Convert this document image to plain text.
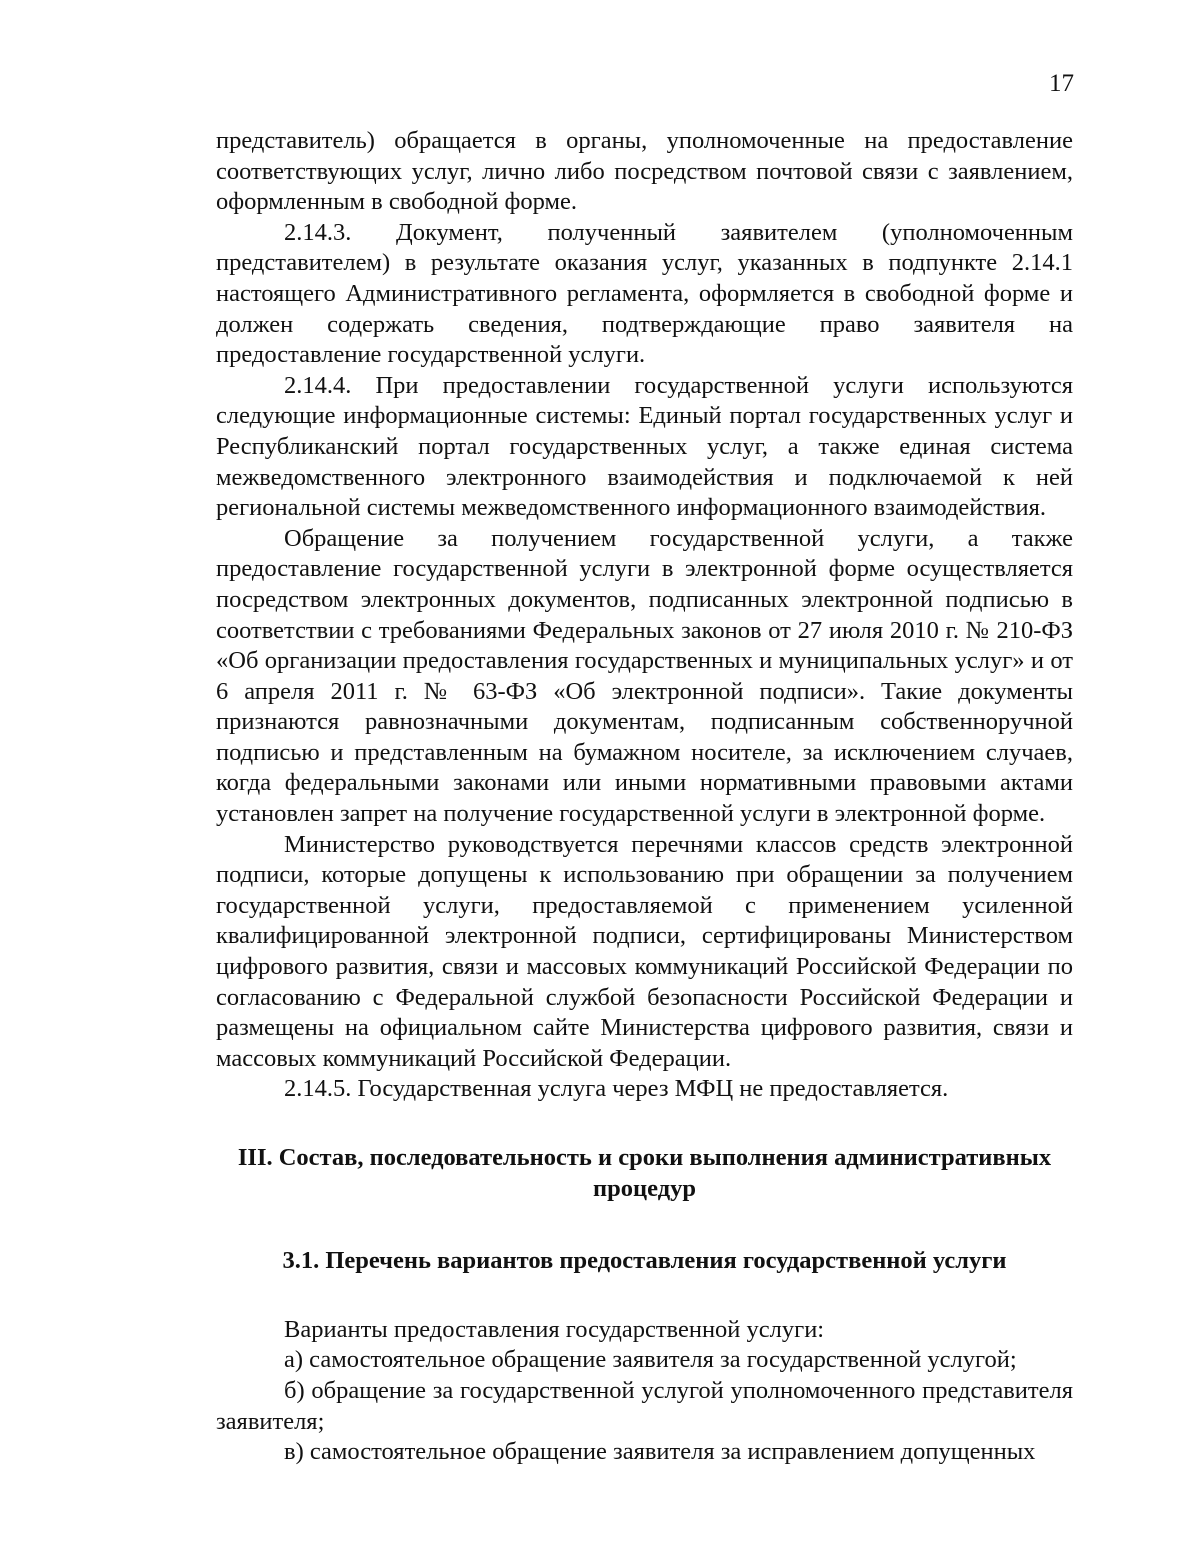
17

представитель) обращается в органы, уполномоченные на предоставление соответствующих услуг, лично либо посредством почтовой связи с заявлением, оформленным в свободной форме.

2.14.3. Документ, полученный заявителем (уполномоченным представителем) в результате оказания услуг, указанных в подпункте 2.14.1 настоящего Административного регламента, оформляется в свободной форме и должен содержать сведения, подтверждающие право заявителя на предоставление государственной услуги.

2.14.4. При предоставлении государственной услуги используются следующие информационные системы: Единый портал государственных услуг и Республиканский портал государственных услуг, а также единая система межведомственного электронного взаимодействия и подключаемой к ней региональной системы межведомственного информационного взаимодействия.

Обращение за получением государственной услуги, а также предоставление государственной услуги в электронной форме осуществляется посредством электронных документов, подписанных электронной подписью в соответствии с требованиями Федеральных законов от 27 июля 2010 г. № 210-ФЗ «Об организации предоставления государственных и муниципальных услуг» и от 6 апреля 2011 г. № 63-ФЗ «Об электронной подписи». Такие документы признаются равнозначными документам, подписанным собственноручной подписью и представленным на бумажном носителе, за исключением случаев, когда федеральными законами или иными нормативными правовыми актами установлен запрет на получение государственной услуги в электронной форме.

Министерство руководствуется перечнями классов средств электронной подписи, которые допущены к использованию при обращении за получением государственной услуги, предоставляемой с применением усиленной квалифицированной электронной подписи, сертифицированы Министерством цифрового развития, связи и массовых коммуникаций Российской Федерации по согласованию с Федеральной службой безопасности Российской Федерации и размещены на официальном сайте Министерства цифрового развития, связи и массовых коммуникаций Российской Федерации.

2.14.5. Государственная услуга через МФЦ не предоставляется.

III. Состав, последовательность и сроки выполнения административных процедур
3.1. Перечень вариантов предоставления государственной услуги

Варианты предоставления государственной услуги:

а) самостоятельное обращение заявителя за государственной услугой;

б) обращение за государственной услугой уполномоченного представителя заявителя;

в) самостоятельное обращение заявителя за исправлением допущенных
